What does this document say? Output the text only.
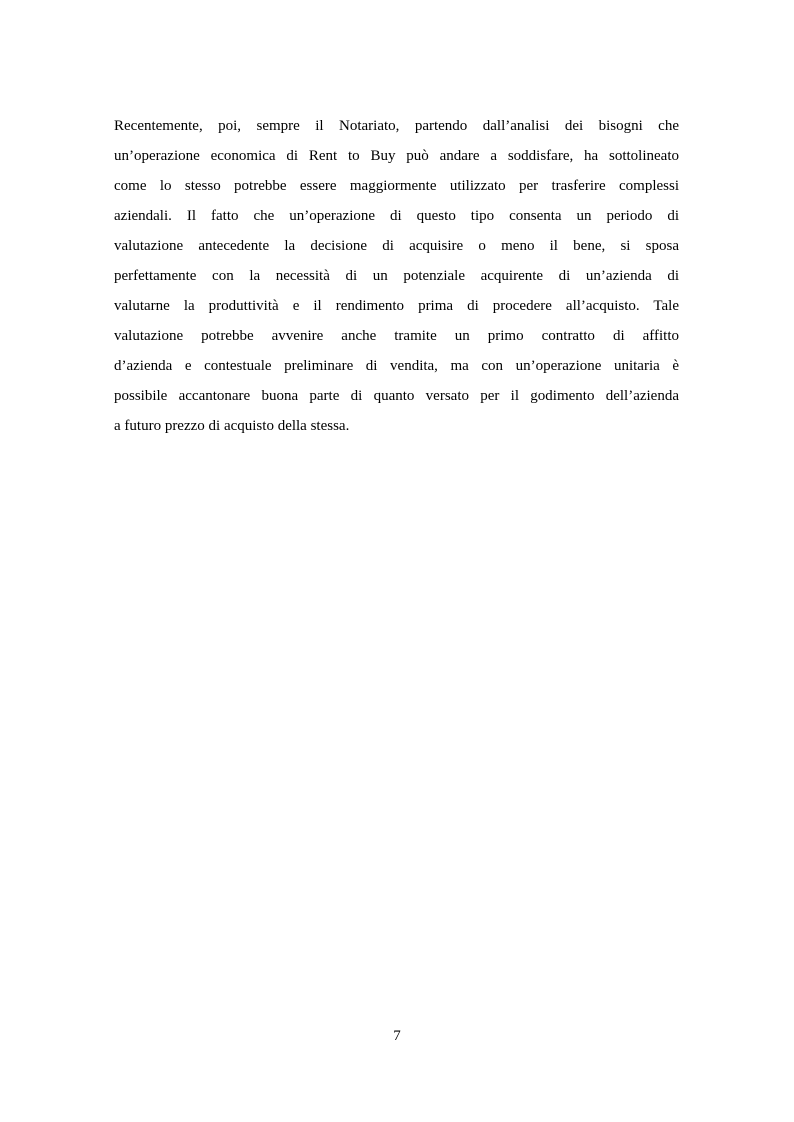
Recentemente, poi, sempre il Notariato, partendo dall’analisi dei bisogni che
un’operazione economica di Rent to Buy può andare a soddisfare, ha sottolineato
come lo stesso potrebbe essere maggiormente utilizzato per trasferire complessi
aziendali. Il fatto che un’operazione di questo tipo consenta un periodo di
valutazione antecedente la decisione di acquisire o meno il bene, si sposa
perfettamente con la necessità di un potenziale acquirente di un’azienda di
valutarne la produttività e il rendimento prima di procedere all’acquisto. Tale
valutazione potrebbe avvenire anche tramite un primo contratto di affitto
d’azienda e contestuale preliminare di vendita, ma con un’operazione unitaria è
possibile accantonare buona parte di quanto versato per il godimento dell’azienda
a futuro prezzo di acquisto della stessa.

7
